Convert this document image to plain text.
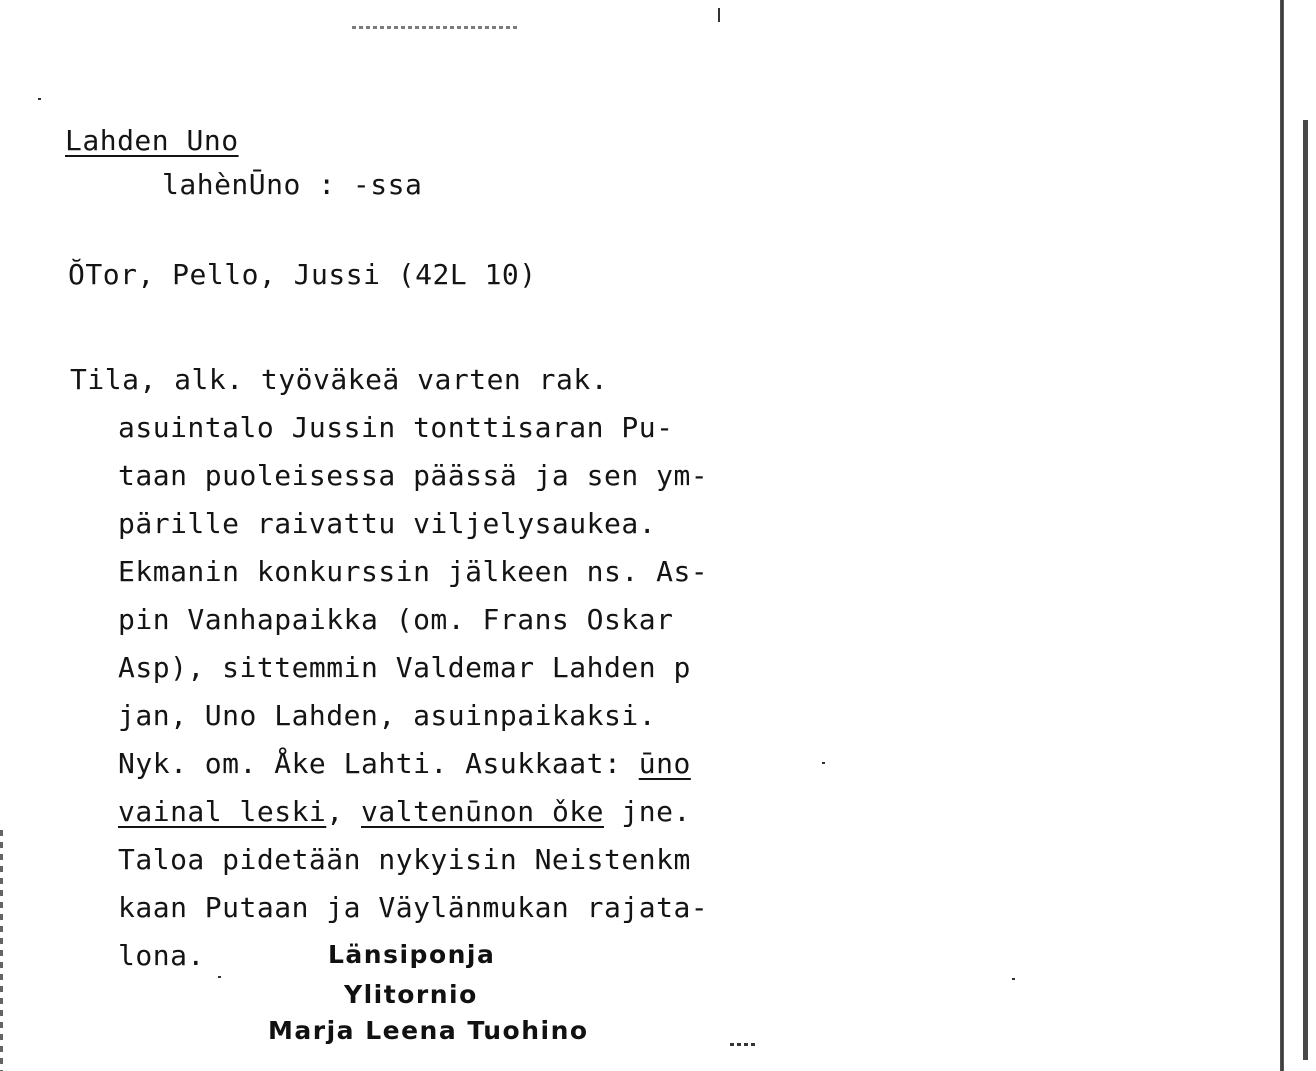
Lahden Uno
lahènŪno : -ssa
ŎTor, Pello, Jussi (42L 10)
Tila, alk. työväkeä varten rak.
asuintalo Jussin tonttisaran Pu-
taan puoleisessa päässä ja sen ym-
pärille raivattu viljelysaukea.
Ekmanin konkurssin jälkeen ns. As-
pin Vanhapaikka (om. Frans Oskar
Asp), sittemmin Valdemar Lahden p
jan, Uno Lahden, asuinpaikaksi.
Nyk. om. Åke Lahti. Asukkaat: ūno
vainal leski, valtenūnon ǒke jne.
Taloa pidetään nykyisin Neistenkm
kaan Putaan ja Väylänmukan rajata-
lona.	Länsiponja
Ylitornio
Marja Leena Tuohino
